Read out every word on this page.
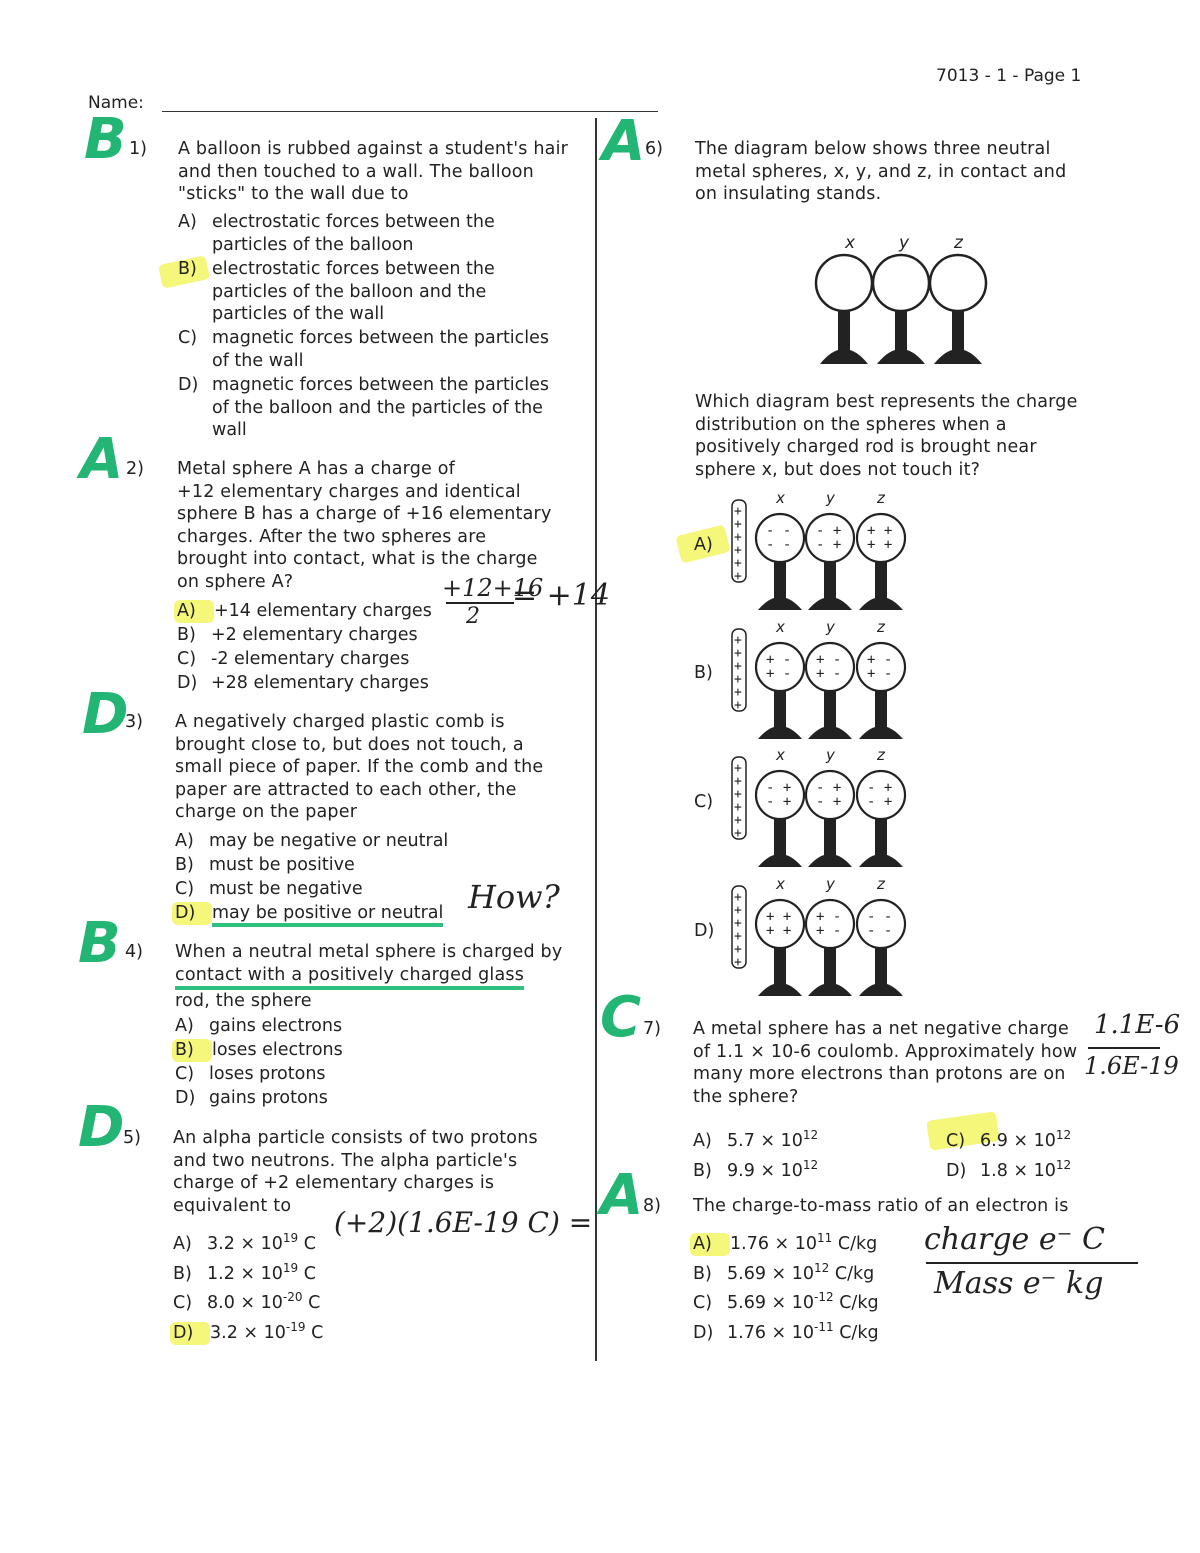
7013 - 1 - Page 1
Name:
B
A
D
B
D
A
C
A
1) A balloon is rubbed against a student's hair
and then touched to a wall. The balloon
"sticks" to the wall due to
A) electrostatic forces between the
particles of the balloon
B) electrostatic forces between the
particles of the balloon and the
particles of the wall
C) magnetic forces between the particles
of the wall
D) magnetic forces between the particles
of the balloon and the particles of the
wall
2) Metal sphere A has a charge of
+12 elementary charges and identical
sphere B has a charge of +16 elementary
charges. After the two spheres are
brought into contact, what is the charge
on sphere A?
A) +14 elementary charges
B) +2 elementary charges
C) -2 elementary charges
D) +28 elementary charges
+12+16
2
= +14
3) A negatively charged plastic comb is
brought close to, but does not touch, a
small piece of paper. If the comb and the
paper are attracted to each other, the
charge on the paper
A) may be negative or neutral
B) must be positive
C) must be negative
D) may be positive or neutral How?
4) When a neutral metal sphere is charged by
contact with a positively charged glass
rod, the sphere
A) gains electrons
B) loses electrons
C) loses protons
D) gains protons
5) An alpha particle consists of two protons
and two neutrons. The alpha particle's
charge of +2 elementary charges is
equivalent to
A) $3.2 \times 10^{19}$ C
B) $1.2 \times 10^{19}$ C
C) $8.0 \times 10^{-20}$ C
D) $3.2 \times 10^{-19}$ C
(+2)(1.6E-19 C) =
6) The diagram below shows three neutral
metal spheres, x, y, and z, in contact and
on insulating stands.
x	y	z
Which diagram best represents the charge
distribution on the spheres when a
positively charged rod is brought near
sphere x, but does not touch it?
A)
B)
C)
D)
x	y	z
+
+
+
+
+
+
- -
- -
- +
- +
+ +
+ +
x	y	z
+
+
+
+
+
+
+ -
+ -
+ -
+ -
+ -
+ -
x	y	z
+
+
+
+
+
+
- +
- +
- +
- +
- +
- +
x	y	z
+
+
+
+
+
+
+ +
+ +
+ -
+ -
- -
- -
7) A metal sphere has a net negative charge
of 1.1 × 10-6 coulomb. Approximately how
many more electrons than protons are on
the sphere?
A) $5.7 \times 10^{12}$
B) $9.9 \times 10^{12}$
C) $6.9 \times 10^{12}$
D) $1.8 \times 10^{12}$
1.1E-6
1.6E-19
8) The charge-to-mass ratio of an electron is
A) $1.76 \times 10^{11}$ C/kg
B) $5.69 \times 10^{12}$ C/kg
C) $5.69 \times 10^{-12}$ C/kg
D) $1.76 \times 10^{-11}$ C/kg
charge e⁻ C
Mass e⁻ kg
